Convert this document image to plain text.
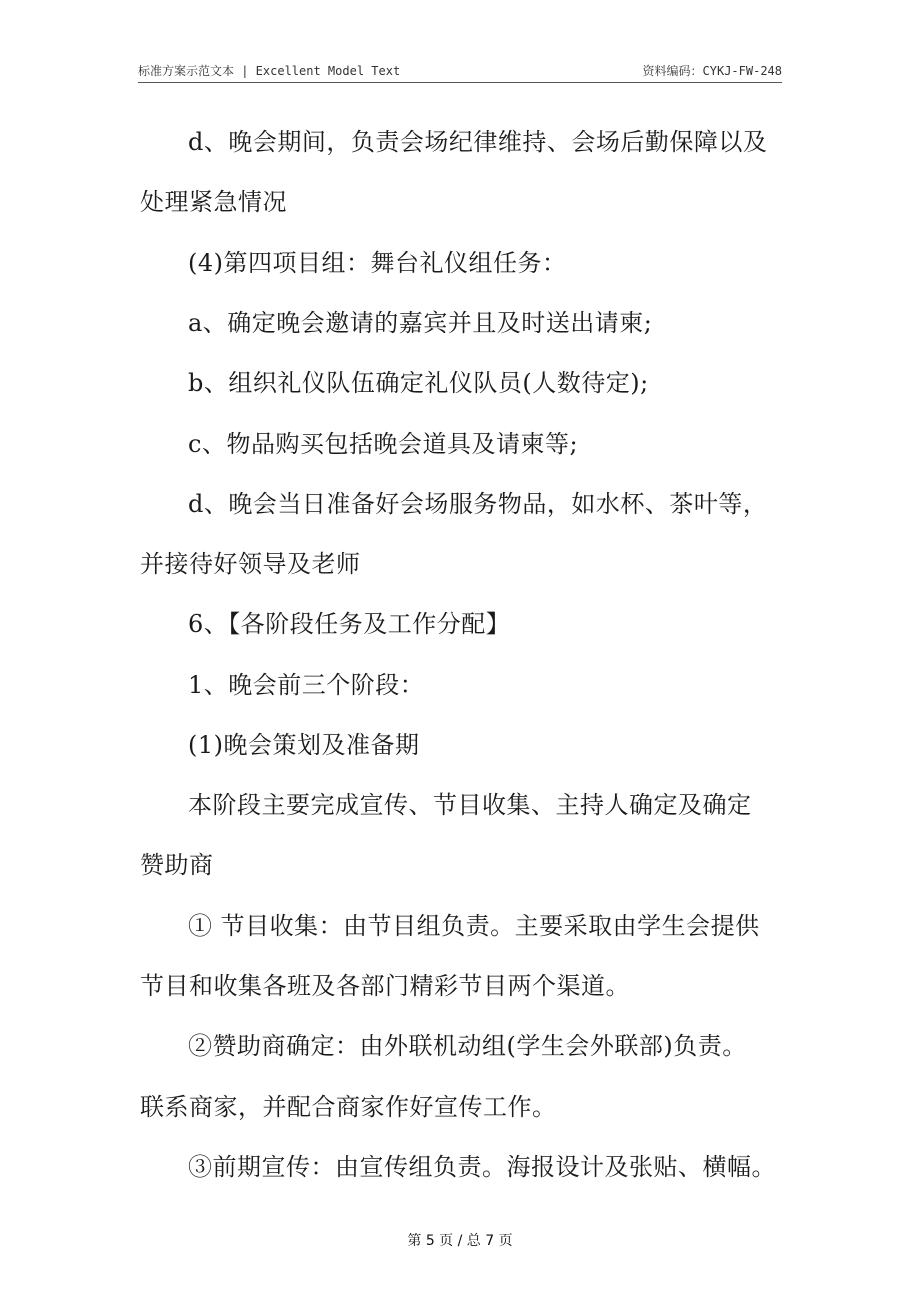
标准方案示范文本 | Excellent Model Text	资料编码：CYKJ-FW-248
d、晚会期间，负责会场纪律维持、会场后勤保障以及
处理紧急情况
(4)第四项目组：舞台礼仪组任务：
a、确定晚会邀请的嘉宾并且及时送出请柬;
b、组织礼仪队伍确定礼仪队员(人数待定);
c、物品购买包括晚会道具及请柬等;
d、晚会当日准备好会场服务物品，如水杯、茶叶等，
并接待好领导及老师
6、【各阶段任务及工作分配】
1、晚会前三个阶段：
(1)晚会策划及准备期
本阶段主要完成宣传、节目收集、主持人确定及确定
赞助商
① 节目收集：由节目组负责。主要采取由学生会提供
节目和收集各班及各部门精彩节目两个渠道。
②赞助商确定：由外联机动组(学生会外联部)负责。
联系商家，并配合商家作好宣传工作。
③前期宣传：由宣传组负责。海报设计及张贴、横幅。
第 5 页 / 总 7 页
